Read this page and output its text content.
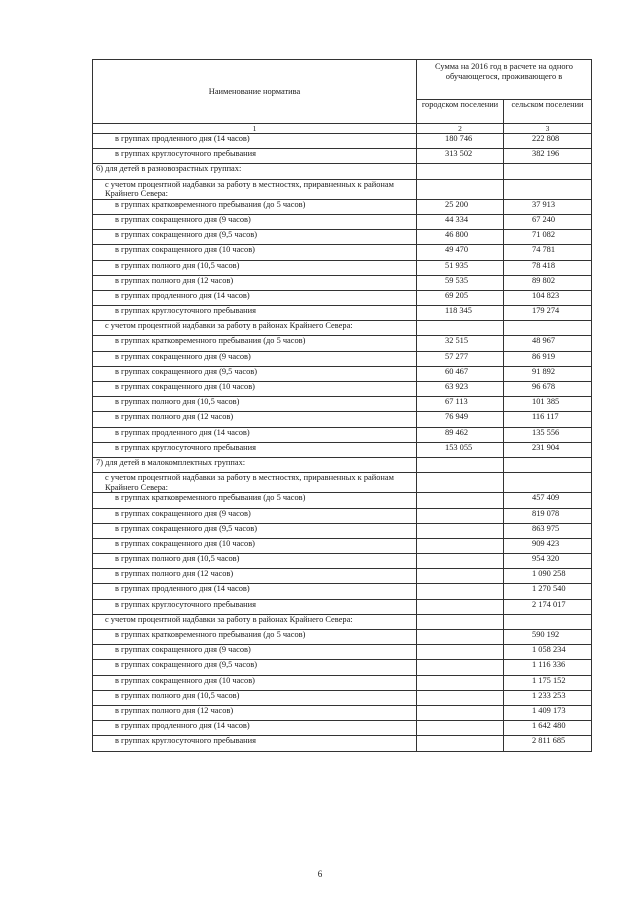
Наименование норматива	Сумма на 2016 год в расчете на одного обучающегося, проживающего в	
	городском поселении	сельском поселении
1	2	3
в группах продленного дня (14 часов)	180 746	222 808
в группах круглосуточного пребывания	313 502	382 196
6) для детей в разновозрастных группах:		
с учетом процентной надбавки за работу в местностях, приравненных к районам Крайнего Севера:		
в группах кратковременного пребывания (до 5 часов)	25 200	37 913
в группах сокращенного дня (9 часов)	44 334	67 240
в группах сокращенного дня (9,5 часов)	46 800	71 082
в группах сокращенного дня (10 часов)	49 470	74 781
в группах полного дня (10,5 часов)	51 935	78 418
в группах полного дня (12 часов)	59 535	89 802
в группах продленного дня (14 часов)	69 205	104 823
в группах круглосуточного пребывания	118 345	179 274
с учетом процентной надбавки за работу в районах Крайнего Севера:		
в группах кратковременного пребывания (до 5 часов)	32 515	48 967
в группах сокращенного дня (9 часов)	57 277	86 919
в группах сокращенного дня (9,5 часов)	60 467	91 892
в группах сокращенного дня (10 часов)	63 923	96 678
в группах полного дня (10,5 часов)	67 113	101 385
в группах полного дня (12 часов)	76 949	116 117
в группах продленного дня (14 часов)	89 462	135 556
в группах круглосуточного пребывания	153 055	231 904
7) для детей в малокомплектных группах:		
с учетом процентной надбавки за работу в местностях, приравненных к районам Крайнего Севера:		
в группах кратковременного пребывания (до 5 часов)		457 409
в группах сокращенного дня (9 часов)		819 078
в группах сокращенного дня (9,5 часов)		863 975
в группах сокращенного дня (10 часов)		909 423
в группах полного дня (10,5 часов)		954 320
в группах полного дня (12 часов)		1 090 258
в группах продленного дня (14 часов)		1 270 540
в группах круглосуточного пребывания		2 174 017
с учетом процентной надбавки за работу в районах Крайнего Севера:		
в группах кратковременного пребывания (до 5 часов)		590 192
в группах сокращенного дня (9 часов)		1 058 234
в группах сокращенного дня (9,5 часов)		1 116 336
в группах сокращенного дня (10 часов)		1 175 152
в группах полного дня (10,5 часов)		1 233 253
в группах полного дня (12 часов)		1 409 173
в группах продленного дня (14 часов)		1 642 480
в группах круглосуточного пребывания		2 811 685
6
